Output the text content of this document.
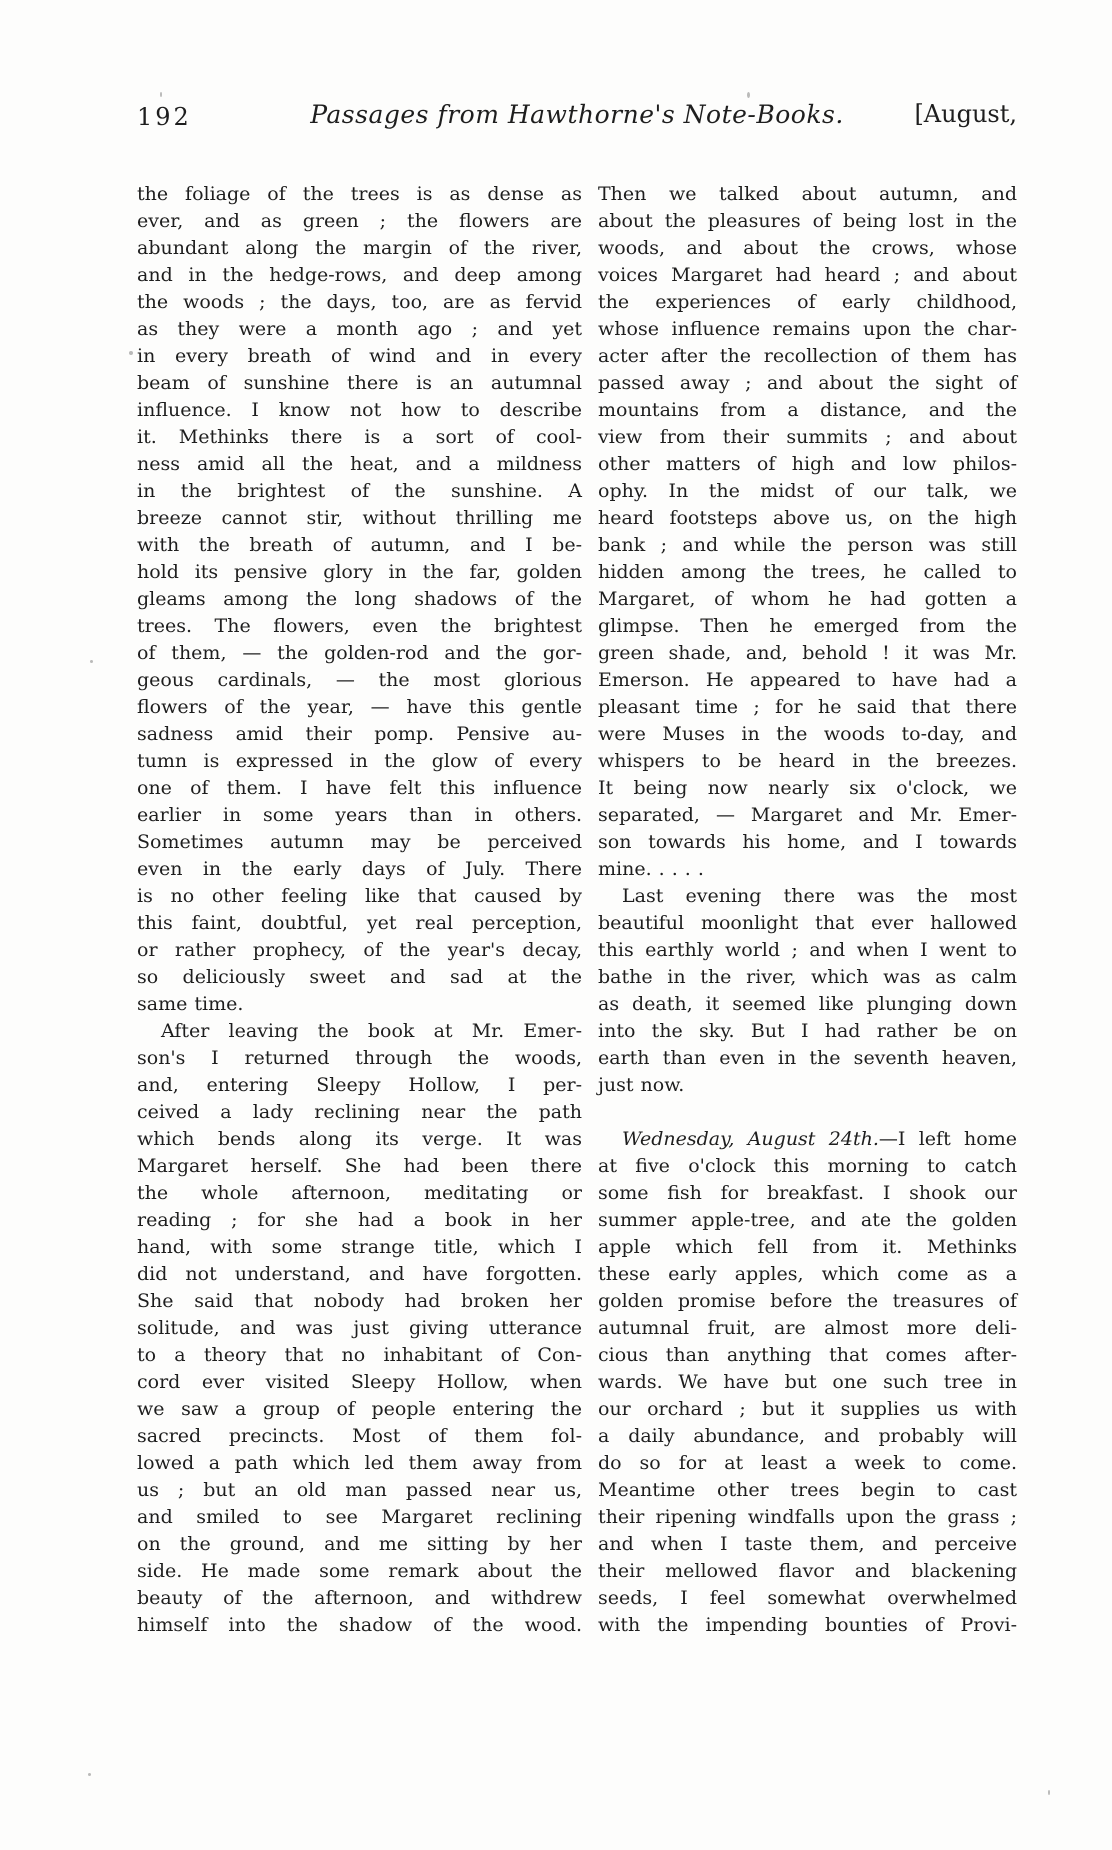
192	Passages from Hawthorne's Note-Books.	[August,
the foliage of the trees is as dense as
ever, and as green ; the flowers are
abundant along the margin of the river,
and in the hedge-rows, and deep among
the woods ; the days, too, are as fervid
as they were a month ago ; and yet
in every breath of wind and in every
beam of sunshine there is an autumnal
influence. I know not how to describe
it. Methinks there is a sort of cool-
ness amid all the heat, and a mildness
in the brightest of the sunshine. A
breeze cannot stir, without thrilling me
with the breath of autumn, and I be-
hold its pensive glory in the far, golden
gleams among the long shadows of the
trees. The flowers, even the brightest
of them, — the golden-rod and the gor-
geous cardinals, — the most glorious
flowers of the year, — have this gentle
sadness amid their pomp. Pensive au-
tumn is expressed in the glow of every
one of them. I have felt this influence
earlier in some years than in others.
Sometimes autumn may be perceived
even in the early days of July. There
is no other feeling like that caused by
this faint, doubtful, yet real perception,
or rather prophecy, of the year's decay,
so deliciously sweet and sad at the
same time.
After leaving the book at Mr. Emer-
son's I returned through the woods,
and, entering Sleepy Hollow, I per-
ceived a lady reclining near the path
which bends along its verge. It was
Margaret herself. She had been there
the whole afternoon, meditating or
reading ; for she had a book in her
hand, with some strange title, which I
did not understand, and have forgotten.
She said that nobody had broken her
solitude, and was just giving utterance
to a theory that no inhabitant of Con-
cord ever visited Sleepy Hollow, when
we saw a group of people entering the
sacred precincts. Most of them fol-
lowed a path which led them away from
us ; but an old man passed near us,
and smiled to see Margaret reclining
on the ground, and me sitting by her
side. He made some remark about the
beauty of the afternoon, and withdrew
himself into the shadow of the wood.
Then we talked about autumn, and
about the pleasures of being lost in the
woods, and about the crows, whose
voices Margaret had heard ; and about
the experiences of early childhood,
whose influence remains upon the char-
acter after the recollection of them has
passed away ; and about the sight of
mountains from a distance, and the
view from their summits ; and about
other matters of high and low philos-
ophy. In the midst of our talk, we
heard footsteps above us, on the high
bank ; and while the person was still
hidden among the trees, he called to
Margaret, of whom he had gotten a
glimpse. Then he emerged from the
green shade, and, behold ! it was Mr.
Emerson. He appeared to have had a
pleasant time ; for he said that there
were Muses in the woods to-day, and
whispers to be heard in the breezes.
It being now nearly six o'clock, we
separated, — Margaret and Mr. Emer-
son towards his home, and I towards
mine. . . . .
Last evening there was the most
beautiful moonlight that ever hallowed
this earthly world ; and when I went to
bathe in the river, which was as calm
as death, it seemed like plunging down
into the sky. But I had rather be on
earth than even in the seventh heaven,
just now.
Wednesday, August 24th.—I left home
at five o'clock this morning to catch
some fish for breakfast. I shook our
summer apple-tree, and ate the golden
apple which fell from it. Methinks
these early apples, which come as a
golden promise before the treasures of
autumnal fruit, are almost more deli-
cious than anything that comes after-
wards. We have but one such tree in
our orchard ; but it supplies us with
a daily abundance, and probably will
do so for at least a week to come.
Meantime other trees begin to cast
their ripening windfalls upon the grass ;
and when I taste them, and perceive
their mellowed flavor and blackening
seeds, I feel somewhat overwhelmed
with the impending bounties of Provi-
